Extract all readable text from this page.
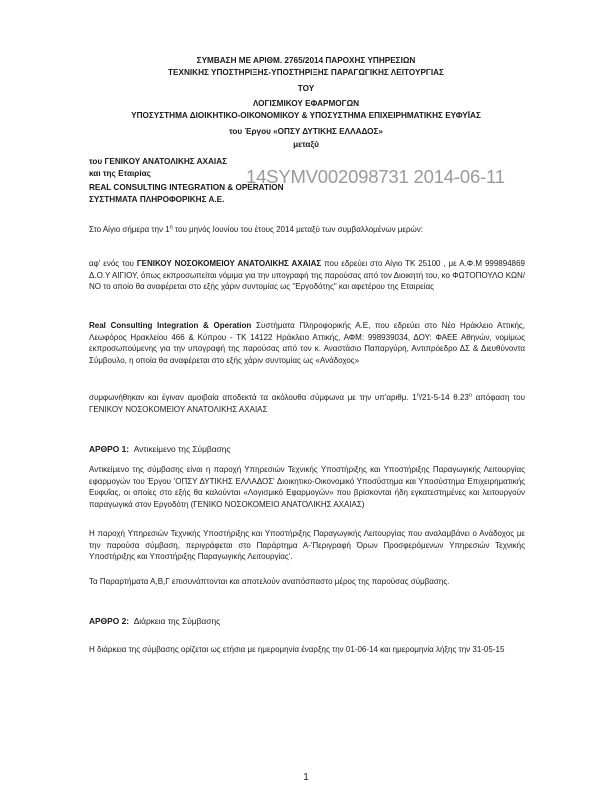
ΣΥΜΒΑΣΗ ΜΕ ΑΡΙΘΜ. 2765/2014 ΠΑΡΟΧΗΣ ΥΠΗΡΕΣΙΩΝ
ΤΕΧΝΙΚΗΣ ΥΠΟΣΤΗΡΙΞΗΣ-ΥΠΟΣΤΗΡΙΞΗΣ ΠΑΡΑΓΩΓΙΚΗΣ ΛΕΙΤΟΥΡΓΙΑΣ
ΤΟΥ
ΛΟΓΙΣΜΙΚΟΥ ΕΦΑΡΜΟΓΩΝ
ΥΠΟΣΥΣΤΗΜΑ ΔΙΟΙΚΗΤΙΚΟ-ΟΙΚΟΝΟΜΙΚΟΥ & ΥΠΟΣΥΣΤΗΜΑ ΕΠΙΧΕΙΡΗΜΑΤΙΚΗΣ ΕΥΦΥΪΑΣ
του Έργου «ΟΠΣΥ ΔΥΤΙΚΗΣ ΕΛΛΑΔΟΣ»
μεταξύ
του ΓΕΝΙΚΟΥ ΑΝΑΤΟΛΙΚΗΣ ΑΧΑΙΑΣ
και της Εταιρίας
REAL CONSULTING INTEGRATION & OPERATION
ΣΥΣΤΗΜΑΤΑ ΠΛΗΡΟΦΟΡΙΚΗΣ Α.Ε.
14SYMV002098731 2014-06-11

Στο Αίγιο σήμερα την $1^\eta$ του μηνός Ιουνίου του έτους 2014 μεταξύ των συμβαλλομένων μερών:

αφ' ενός του ΓΕΝΙΚΟΥ ΝΟΣΟΚΟΜΕΙΟΥ ΑΝΑΤΟΛΙΚΗΣ ΑΧΑΙΑΣ που εδρεύει στο Αίγιο ΤΚ 25100 , με Α.Φ.Μ 999894869 Δ.Ο.Υ ΑΙΓΙΟΥ, όπως εκπροσωπείται νόμιμα για την υπογραφή της παρούσας από τον Διοικητή του, κο ΦΩΤΟΠΟΥΛΟ ΚΩΝ/ΝΟ το οποίο θα αναφέρεται στο εξής χάριν συντομίας ως "Εργοδότης" και αφετέρου της Εταιρείας

Real Consulting Integration & Operation Συστήματα Πληροφορικής Α.Ε, που εδρεύει στο Νέο Ηράκλειο Αττικής, Λεωφόρος Ηρακλείου 466 & Κύπρου - ΤΚ 14122 Ηράκλειο Αττικής, ΑΦΜ: 998939034, ΔΟΥ: ΦΑΕΕ Αθηνών, νομίμως εκπροσωπούμενης για την υπογραφή της παρούσας από τον κ. Αναστάσιο Παπαργύρη, Αντιπρόεδρο ΔΣ & Διευθύνοντα Σύμβουλο, η οποία θα αναφέρεται στο εξής χάριν συντομίας ως «Ανάδοχος»

συμφωνήθηκαν και έγιναν αμοιβαία αποδεκτά τα ακόλουθα σύμφωνα με την υπ'αριθμ. $1^\eta/21-5-14$ $\theta.23^o$ απόφαση του ΓΕΝΙΚΟΥ ΝΟΣΟΚΟΜΕΙΟΥ ΑΝΑΤΟΛΙΚΗΣ ΑΧΑΙΑΣ

ΑΡΘΡΟ 1: Αντικείμενο της Σύμβασης

Αντικείμενο της σύμβασης είναι η παροχή Υπηρεσιών Τεχνικής Υποστήριξης και Υποστήριξης Παραγωγικής Λειτουργίας εφαρμογών του Έργου 'ΟΠΣΥ ΔΥΤΙΚΗΣ ΕΛΛΑΔΟΣ' Διοικητικο-Οικονομικό Υποσύστημα και Υποσύστημα Επιχειρηματικής Ευφυΐας, οι οποίες στο εξής θα καλούνται «Λογισμικό Εφαρμογών» που βρίσκονται ήδη εγκατεστημένες και λειτουργούν παραγωγικά στον Εργοδότη (ΓΕΝΙΚΟ ΝΟΣΟΚΟΜΕΙΟ ΑΝΑΤΟΛΙΚΗΣ ΑΧΑΙΑΣ)

Η παροχή Υπηρεσιών Τεχνικής Υποστήριξης και Υποστήριξης Παραγωγικής Λειτουργίας που αναλαμβάνει ο Ανάδοχος με την παρούσα σύμβαση, περιγράφεται στο Παράρτημα Α-'Περιγραφή Όρων Προσφερόμενων Υπηρεσιών Τεχνικής Υποστήριξης και Υποστήριξης Παραγωγικής Λειτουργίας'.

Τα Παραρτήματα Α,Β,Γ επισυνάπτονται και αποτελούν αναπόσπαστο μέρος της παρούσας σύμβασης.

ΑΡΘΡΟ 2: Διάρκεια της Σύμβασης

Η διάρκεια της σύμβασης ορίζεται ως ετήσια με ημερομηνία έναρξης την 01-06-14 και ημερομηνία λήξης την 31-05-15

1
